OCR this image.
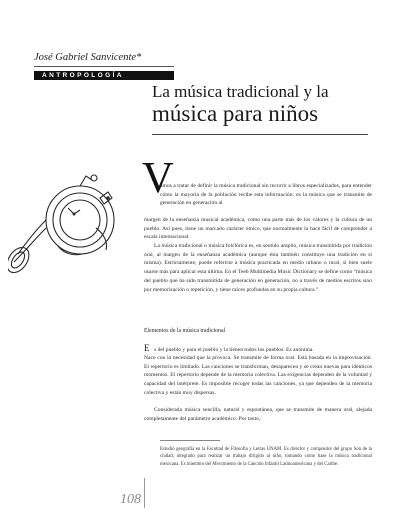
José Gabriel Sanvicente*
ANTROPOLOGÍA
La música tradicional y la
música para niños
V
amos a tratar de definir la música tradicional sin recurrir a libros especializados, para entender cómo la mayoría de la población recibe esta información: es la música que se transmite de generación en generación al
margen de la enseñanza musical académica, como una parte más de los valores y la cultura de un pueblo. Así pues, tiene un marcado carácter étnico, que normalmente la hace fácil de comprender a escala internacional.
La música tradicional o música folclórica es, en sentido amplio, música transmitida por tradición oral, al margen de la enseñanza académica (aunque ésta también constituye una tradición en sí misma). Estrictamente, puede referirse a música practicada en medio urbano o rural, si bien suele usarse más para aplicar esta última. En el Teeb Multimedia Music Dictionary se define como “música del pueblo que ha sido transmitida de generación en generación, no a través de medios escritos sino por memorización o repetición, y tiene raíces profundas en su propia cultura.”
Elementos de la música tradicional
E s del pueblo y para el pueblo y la tienen todos los pueblos. Es anónima.
Nace con la necesidad que la provoca. Se transmite de forma oral. Está basada en la improvisación. El repertorio es limitado. Las canciones se transforman, desaparecen y se crean nuevas para idénticos momentos. El repertorio depende de la memoria colectiva. Las exigencias dependen de la voluntad y capacidad del intérprete. Es imposible recoger todas las canciones, ya que dependen de la memoria colectiva y están muy dispersas.
Considerada música sencilla, natural y espontánea, que se transmite de manera oral, alejada completamente del parámetro académico. Por tanto,
Estudió geografía en la Facultad de Filosofía y Letras UNAM. Es director y compositor del grupo Son de la ciudad, integrado para realizar un trabajo dirigido al niño, tomando como base la música tradicional mexicana. Es miembro del Movimiento de la Canción Infantil Latinoamericana y del Caribe.
108
